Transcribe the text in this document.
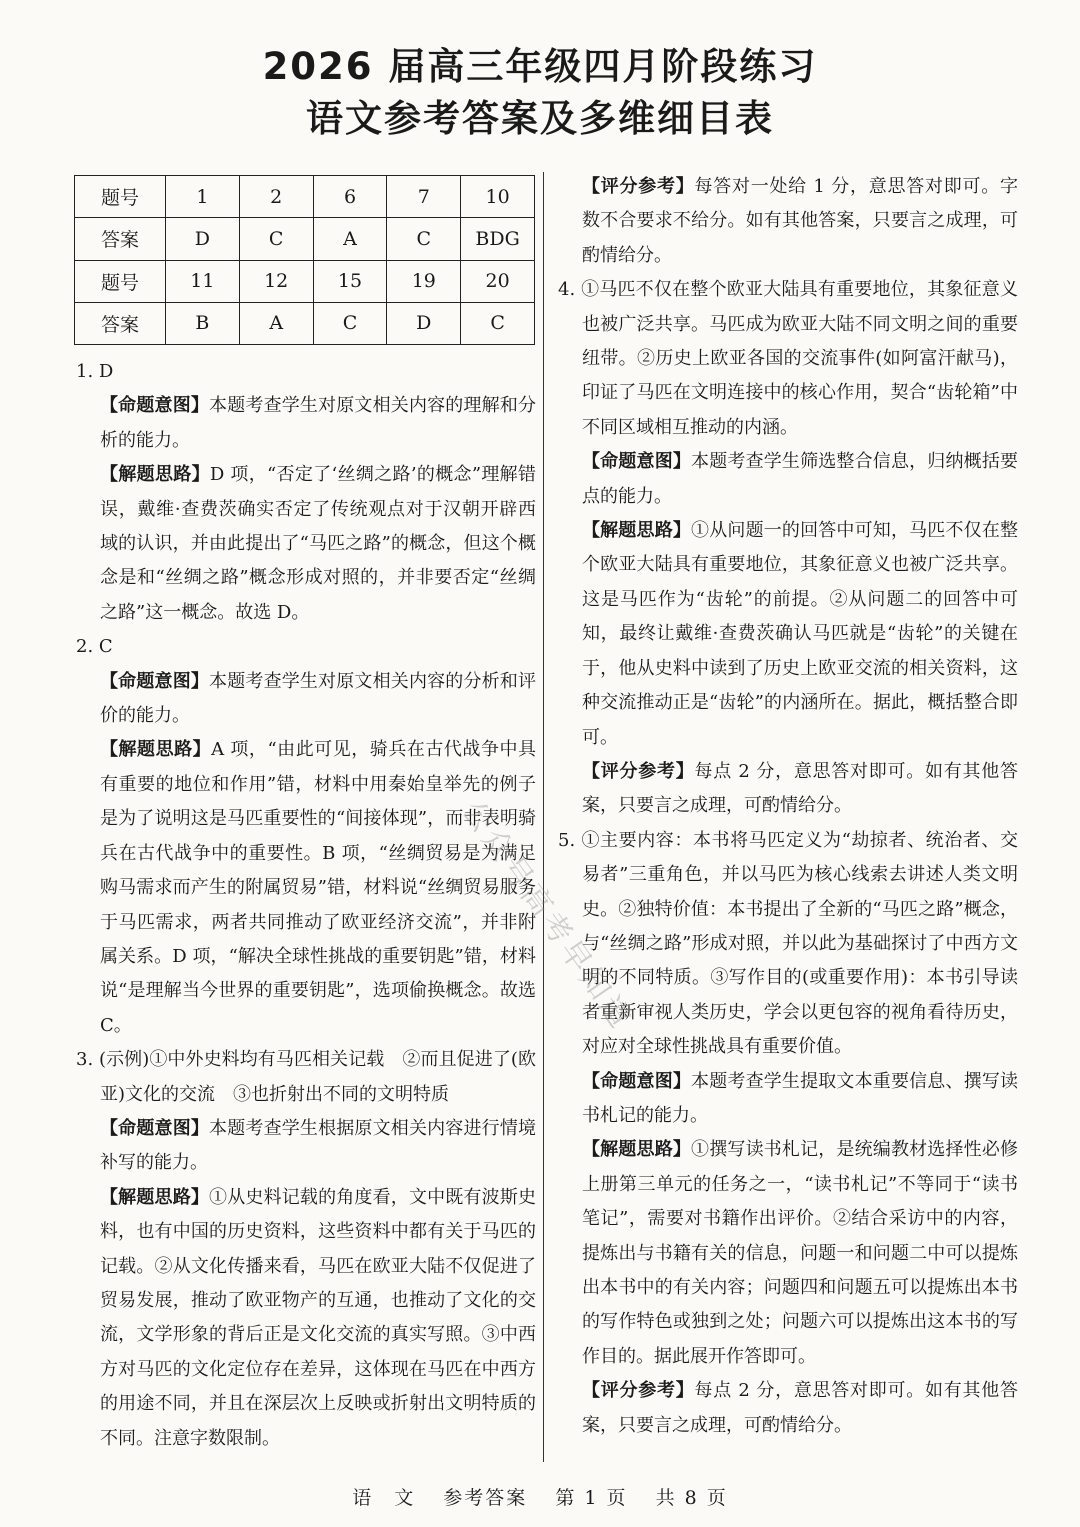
2026 届高三年级四月阶段练习
语文参考答案及多维细目表
题号	1	2	6	7	10
答案	D	C	A	C	BDG
题号	11	12	15	19	20
答案	B	A	C	D	C

1. D

【命题意图】本题考查学生对原文相关内容的理解和分析的能力。

【解题思路】D 项，“否定了‘丝绸之路’的概念”理解错误，戴维·查费茨确实否定了传统观点对于汉朝开辟西域的认识，并由此提出了“马匹之路”的概念，但这个概念是和“丝绸之路”概念形成对照的，并非要否定“丝绸之路”这一概念。故选 D。

2. C

【命题意图】本题考查学生对原文相关内容的分析和评价的能力。

【解题思路】A 项，“由此可见，骑兵在古代战争中具有重要的地位和作用”错，材料中用秦始皇举先的例子是为了说明这是马匹重要性的“间接体现”，而非表明骑兵在古代战争中的重要性。B 项，“丝绸贸易是为满足购马需求而产生的附属贸易”错，材料说“丝绸贸易服务于马匹需求，两者共同推动了欧亚经济交流”，并非附属关系。D 项，“解决全球性挑战的重要钥匙”错，材料说“是理解当今世界的重要钥匙”，选项偷换概念。故选 C。

3. (示例)①中外史料均有马匹相关记载　②而且促进了(欧亚)文化的交流　③也折射出不同的文明特质

【命题意图】本题考查学生根据原文相关内容进行情境补写的能力。

【解题思路】①从史料记载的角度看，文中既有波斯史料，也有中国的历史资料，这些资料中都有关于马匹的记载。②从文化传播来看，马匹在欧亚大陆不仅促进了贸易发展，推动了欧亚物产的互通，也推动了文化的交流，文学形象的背后正是文化交流的真实写照。③中西方对马匹的文化定位存在差异，这体现在马匹在中西方的用途不同，并且在深层次上反映或折射出文明特质的不同。注意字数限制。

【评分参考】每答对一处给 1 分，意思答对即可。字数不合要求不给分。如有其他答案，只要言之成理，可酌情给分。

4. ①马匹不仅在整个欧亚大陆具有重要地位，其象征意义也被广泛共享。马匹成为欧亚大陆不同文明之间的重要纽带。②历史上欧亚各国的交流事件(如阿富汗献马)，印证了马匹在文明连接中的核心作用，契合“齿轮箱”中不同区域相互推动的内涵。

【命题意图】本题考查学生筛选整合信息，归纳概括要点的能力。

【解题思路】①从问题一的回答中可知，马匹不仅在整个欧亚大陆具有重要地位，其象征意义也被广泛共享。这是马匹作为“齿轮”的前提。②从问题二的回答中可知，最终让戴维·查费茨确认马匹就是“齿轮”的关键在于，他从史料中读到了历史上欧亚交流的相关资料，这种交流推动正是“齿轮”的内涵所在。据此，概括整合即可。

【评分参考】每点 2 分，意思答对即可。如有其他答案，只要言之成理，可酌情给分。

5. ①主要内容：本书将马匹定义为“劫掠者、统治者、交易者”三重角色，并以马匹为核心线索去讲述人类文明史。②独特价值：本书提出了全新的“马匹之路”概念，与“丝绸之路”形成对照，并以此为基础探讨了中西方文明的不同特质。③写作目的(或重要作用)：本书引导读者重新审视人类历史，学会以更包容的视角看待历史，对应对全球性挑战具有重要价值。

【命题意图】本题考查学生提取文本重要信息、撰写读书札记的能力。

【解题思路】①撰写读书札记，是统编教材选择性必修上册第三单元的任务之一，“读书札记”不等同于“读书笔记”，需要对书籍作出评价。②结合采访中的内容，提炼出与书籍有关的信息，问题一和问题二中可以提炼出本书中的有关内容；问题四和问题五可以提炼出本书的写作特色或独到之处；问题六可以提炼出这本书的写作目的。据此展开作答即可。

【评分参考】每点 2 分，意思答对即可。如有其他答案，只要言之成理，可酌情给分。

公众号高考早知道
语　文 参考答案 第 1 页 共 8 页
